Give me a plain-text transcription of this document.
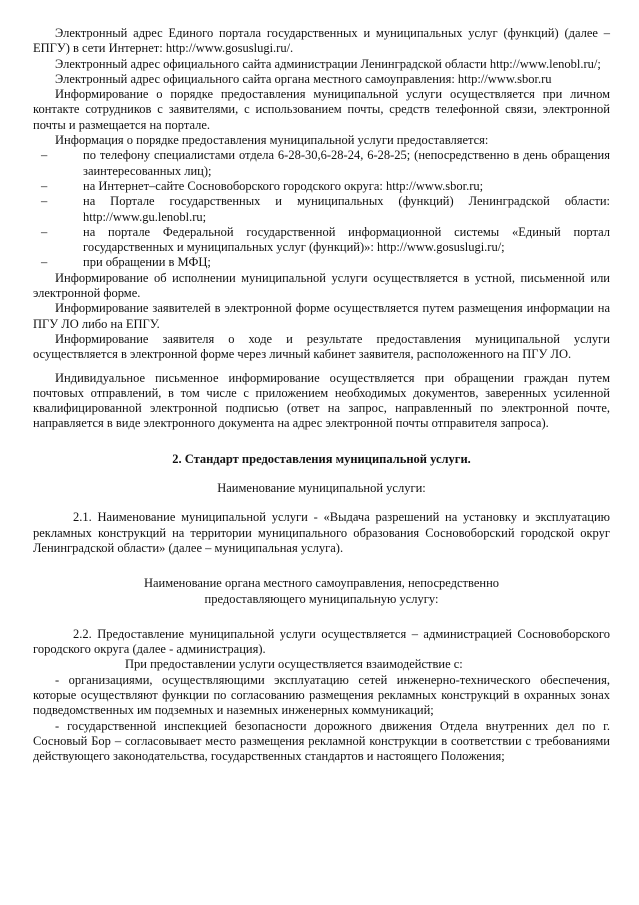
Электронный адрес Единого портала государственных и муниципальных услуг (функций) (далее – ЕПГУ) в сети Интернет: http://www.gosuslugi.ru/.

Электронный адрес официального сайта администрации Ленинградской области http://www.lenobl.ru/;

Электронный адрес официального сайта органа местного самоуправления: http://www.sbor.ru

Информирование о порядке предоставления муниципальной услуги осуществляется при личном контакте сотрудников с заявителями, с использованием почты, средств телефонной связи, электронной почты и размещается на портале.

Информация о порядке предоставления муниципальной услуги предоставляется:

–	по телефону специалистами отдела 6-28-30,6-28-24, 6-28-25; (непосредственно в день обращения заинтересованных лиц);
–	на Интернет–сайте Сосновоборского городского округа: http://www.sbor.ru;
–	на Портале государственных и муниципальных (функций) Ленинградской области: http://www.gu.lenobl.ru;
–	на портале Федеральной государственной информационной системы «Единый портал государственных и муниципальных услуг (функций)»: http://www.gosuslugi.ru/;
–	при обращении в МФЦ;

Информирование об исполнении муниципальной услуги осуществляется в устной, письменной или электронной форме.

Информирование заявителей в электронной форме осуществляется путем размещения информации на ПГУ ЛО либо на ЕПГУ.

Информирование заявителя о ходе и результате предоставления муниципальной услуги осуществляется в электронной форме через личный кабинет заявителя, расположенного на ПГУ ЛО.

Индивидуальное письменное информирование осуществляется при обращении граждан путем почтовых отправлений, в том числе с приложением необходимых документов, заверенных усиленной квалифицированной электронной подписью (ответ на запрос, направленный по электронной почте, направляется в виде электронного документа на адрес электронной почты отправителя запроса).

2. Стандарт предоставления муниципальной услуги.

Наименование муниципальной услуги:

2.1. Наименование муниципальной услуги - «Выдача разрешений на установку и эксплуатацию рекламных конструкций на территории муниципального образования Сосновоборский городской округ Ленинградской области» (далее – муниципальная услуга).

Наименование органа местного самоуправления, непосредственно

предоставляющего муниципальную услугу:

2.2. Предоставление муниципальной услуги осуществляется – администрацией Сосновоборского городского округа (далее - администрация).

При предоставлении услуги осуществляется взаимодействие с:

- организациями, осуществляющими эксплуатацию сетей инженерно-технического обеспечения, которые осуществляют функции по согласованию размещения рекламных конструкций в охранных зонах подведомственных им подземных и наземных инженерных коммуникаций;

- государственной инспекцией безопасности дорожного движения Отдела внутренних дел по г. Сосновый Бор – согласовывает место размещения рекламной конструкции в соответствии с требованиями действующего законодательства, государственных стандартов и настоящего Положения;
